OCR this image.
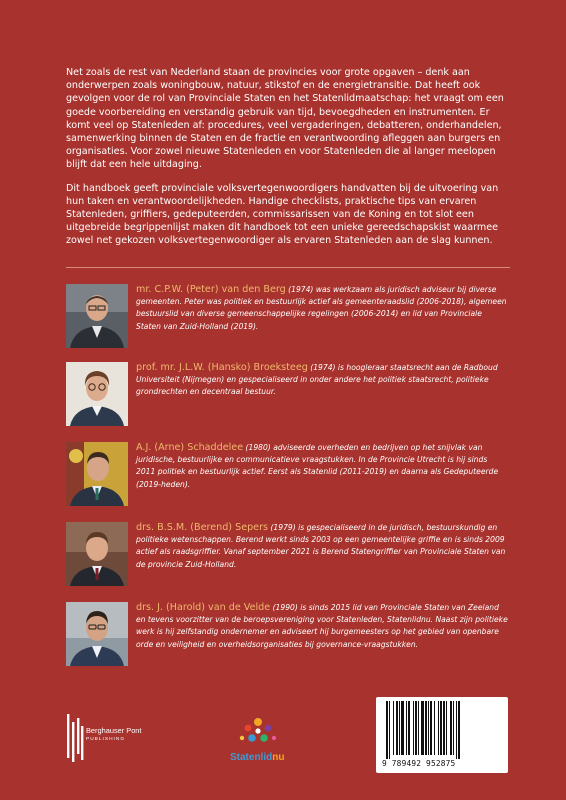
Net zoals de rest van Nederland staan de provincies voor grote opgaven – denk aan onderwerpen zoals woningbouw, natuur, stikstof en de energietransitie. Dat heeft ook gevolgen voor de rol van Provinciale Staten en het Statenlidmaatschap: het vraagt om een goede voorbereiding en verstandig gebruik van tijd, bevoegdheden en instrumenten. Er komt veel op Statenleden af: procedures, veel vergaderingen, debatteren, onderhandelen, samenwerking binnen de Staten en de fractie en verantwoording afleggen aan burgers en organisaties. Voor zowel nieuwe Statenleden en voor Statenleden die al langer meelopen blijft dat een hele uitdaging.

Dit handboek geeft provinciale volksvertegenwoordigers handvatten bij de uitvoering van hun taken en verantwoordelijkheden. Handige checklists, praktische tips van ervaren Statenleden, griffiers, gedeputeerden, commissarissen van de Koning en tot slot een uitgebreide begrippenlijst maken dit handboek tot een unieke gereedschapskist waarmee zowel net gekozen volksvertegenwoordiger als ervaren Statenleden aan de slag kunnen.

mr. C.P.W. (Peter) van den Berg (1974) was werkzaam als juridisch adviseur bij diverse gemeenten. Peter was politiek en bestuurlijk actief als gemeenteraadslid (2006-2018), algemeen bestuurslid van diverse gemeenschappelijke regelingen (2006-2014) en lid van Provinciale Staten van Zuid-Holland (2019).
prof. mr. J.L.W. (Hansko) Broeksteeg (1974) is hoogleraar staatsrecht aan de Radboud Universiteit (Nijmegen) en gespecialiseerd in onder andere het politiek staatsrecht, politieke grondrechten en decentraal bestuur.
A.J. (Arne) Schaddelee (1980) adviseerde overheden en bedrijven op het snijvlak van juridische, bestuurlijke en communicatieve vraagstukken. In de Provincie Utrecht is hij sinds 2011 politiek en bestuurlijk actief. Eerst als Statenlid (2011-2019) en daarna als Gedeputeerde (2019-heden).
drs. B.S.M. (Berend) Sepers (1979) is gespecialiseerd in de juridisch, bestuurskundig en politieke wetenschappen. Berend werkt sinds 2003 op een gemeentelijke griffie en is sinds 2009 actief als raadsgriffier. Vanaf september 2021 is Berend Statengriffier van Provinciale Staten van de provincie Zuid-Holland.
drs. J. (Harold) van de Velde (1990) is sinds 2015 lid van Provinciale Staten van Zeeland en tevens voorzitter van de beroepsvereniging voor Statenleden, Statenlidnu. Naast zijn politieke werk is hij zelfstandig ondernemer en adviseert hij burgemeesters op het gebied van openbare orde en veiligheid en overheidsorganisaties bij governance-vraagstukken.
Berghauser Pont
PUBLISHING
Statenlidnu
9 789492 952875
